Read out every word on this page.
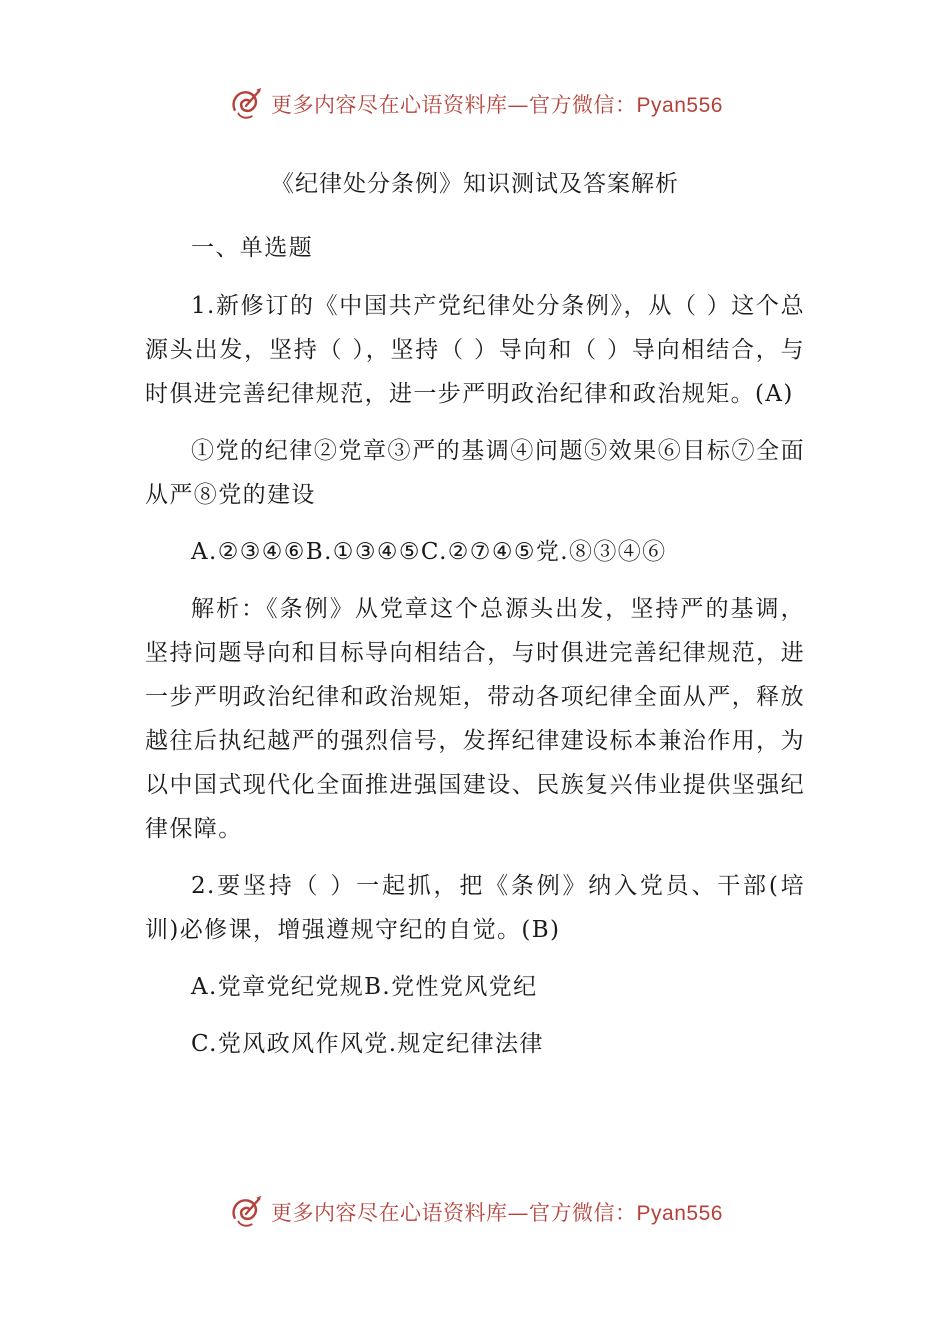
更多内容尽在心语资料库—官方微信：Pyan556
《纪律处分条例》知识测试及答案解析

一、单选题

1.新修订的《中国共产党纪律处分条例》，从（ ）这个总源头出发，坚持（ ），坚持（ ）导向和（ ）导向相结合，与时俱进完善纪律规范，进一步严明政治纪律和政治规矩。(A)

①党的纪律②党章③严的基调④问题⑤效果⑥目标⑦全面从严⑧党的建设

A.②③④⑥B.①③④⑤C.②⑦④⑤党.⑧③④⑥

解析：《条例》从党章这个总源头出发，坚持严的基调，坚持问题导向和目标导向相结合，与时俱进完善纪律规范，进一步严明政治纪律和政治规矩，带动各项纪律全面从严，释放越往后执纪越严的强烈信号，发挥纪律建设标本兼治作用，为以中国式现代化全面推进强国建设、民族复兴伟业提供坚强纪律保障。

2.要坚持（ ）一起抓，把《条例》纳入党员、干部(培训)必修课，增强遵规守纪的自觉。(B)

A.党章党纪党规B.党性党风党纪

C.党风政风作风党.规定纪律法律

更多内容尽在心语资料库—官方微信：Pyan556
